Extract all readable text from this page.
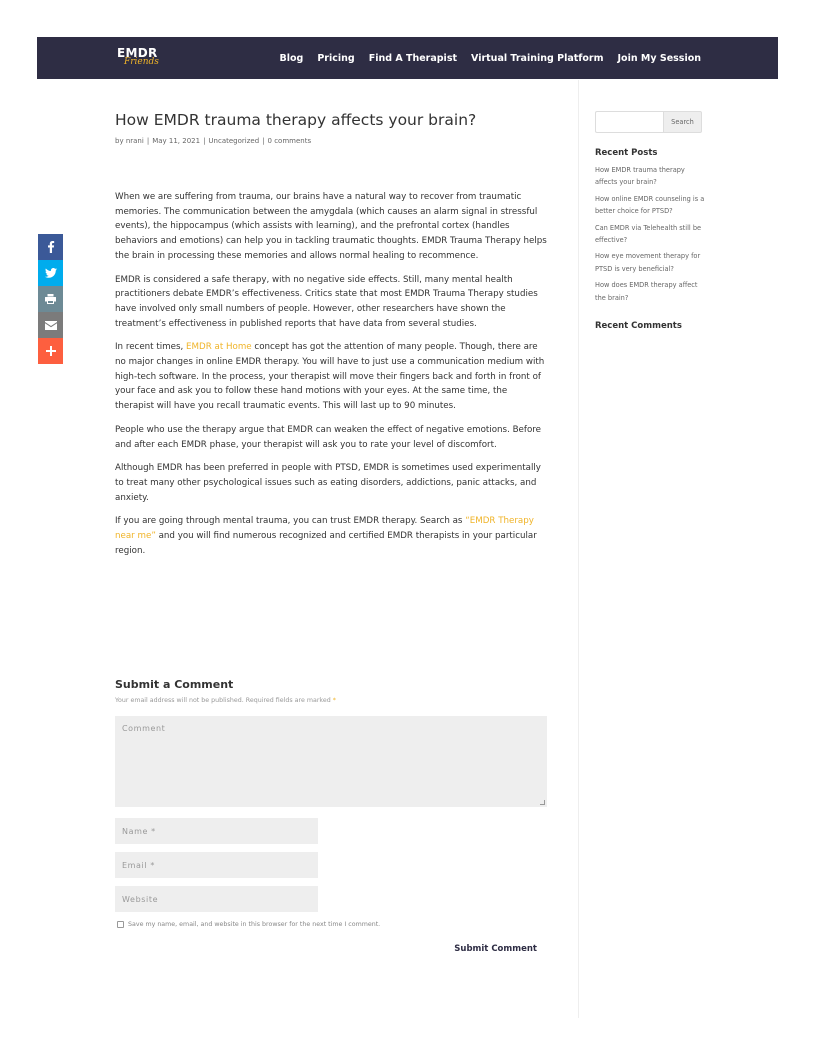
EMDR
Friends	Blog Pricing Find A Therapist Virtual Training Platform Join My Session
How EMDR trauma therapy affects your brain?
by nrani | May 11, 2021 | Uncategorized | 0 comments

When we are suffering from trauma, our brains have a natural way to recover from traumatic memories. The communication between the amygdala (which causes an alarm signal in stressful events), the hippocampus (which assists with learning), and the prefrontal cortex (handles behaviors and emotions) can help you in tackling traumatic thoughts. EMDR Trauma Therapy helps the brain in processing these memories and allows normal healing to recommence.

EMDR is considered a safe therapy, with no negative side effects. Still, many mental health practitioners debate EMDR’s effectiveness. Critics state that most EMDR Trauma Therapy studies have involved only small numbers of people. However, other researchers have shown the treatment’s effectiveness in published reports that have data from several studies.

In recent times, EMDR at Home concept has got the attention of many people. Though, there are no major changes in online EMDR therapy. You will have to just use a communication medium with high-tech software. In the process, your therapist will move their fingers back and forth in front of your face and ask you to follow these hand motions with your eyes. At the same time, the therapist will have you recall traumatic events. This will last up to 90 minutes.

People who use the therapy argue that EMDR can weaken the effect of negative emotions. Before and after each EMDR phase, your therapist will ask you to rate your level of discomfort.

Although EMDR has been preferred in people with PTSD, EMDR is sometimes used experimentally to treat many other psychological issues such as eating disorders, addictions, panic attacks, and anxiety.

If you are going through mental trauma, you can trust EMDR therapy. Search as “EMDR Therapy near me” and you will find numerous recognized and certified EMDR therapists in your particular region.

Submit a Comment
Your email address will not be published. Required fields are marked *
Comment
Name *
Email *
Website
Save my name, email, and website in this browser for the next time I comment.
Submit Comment
Search
Recent Posts
How EMDR trauma therapy affects your brain?
How online EMDR counseling is a better choice for PTSD?
Can EMDR via Telehealth still be effective?
How eye movement therapy for PTSD is very beneficial?
How does EMDR therapy affect the brain?
Recent Comments
